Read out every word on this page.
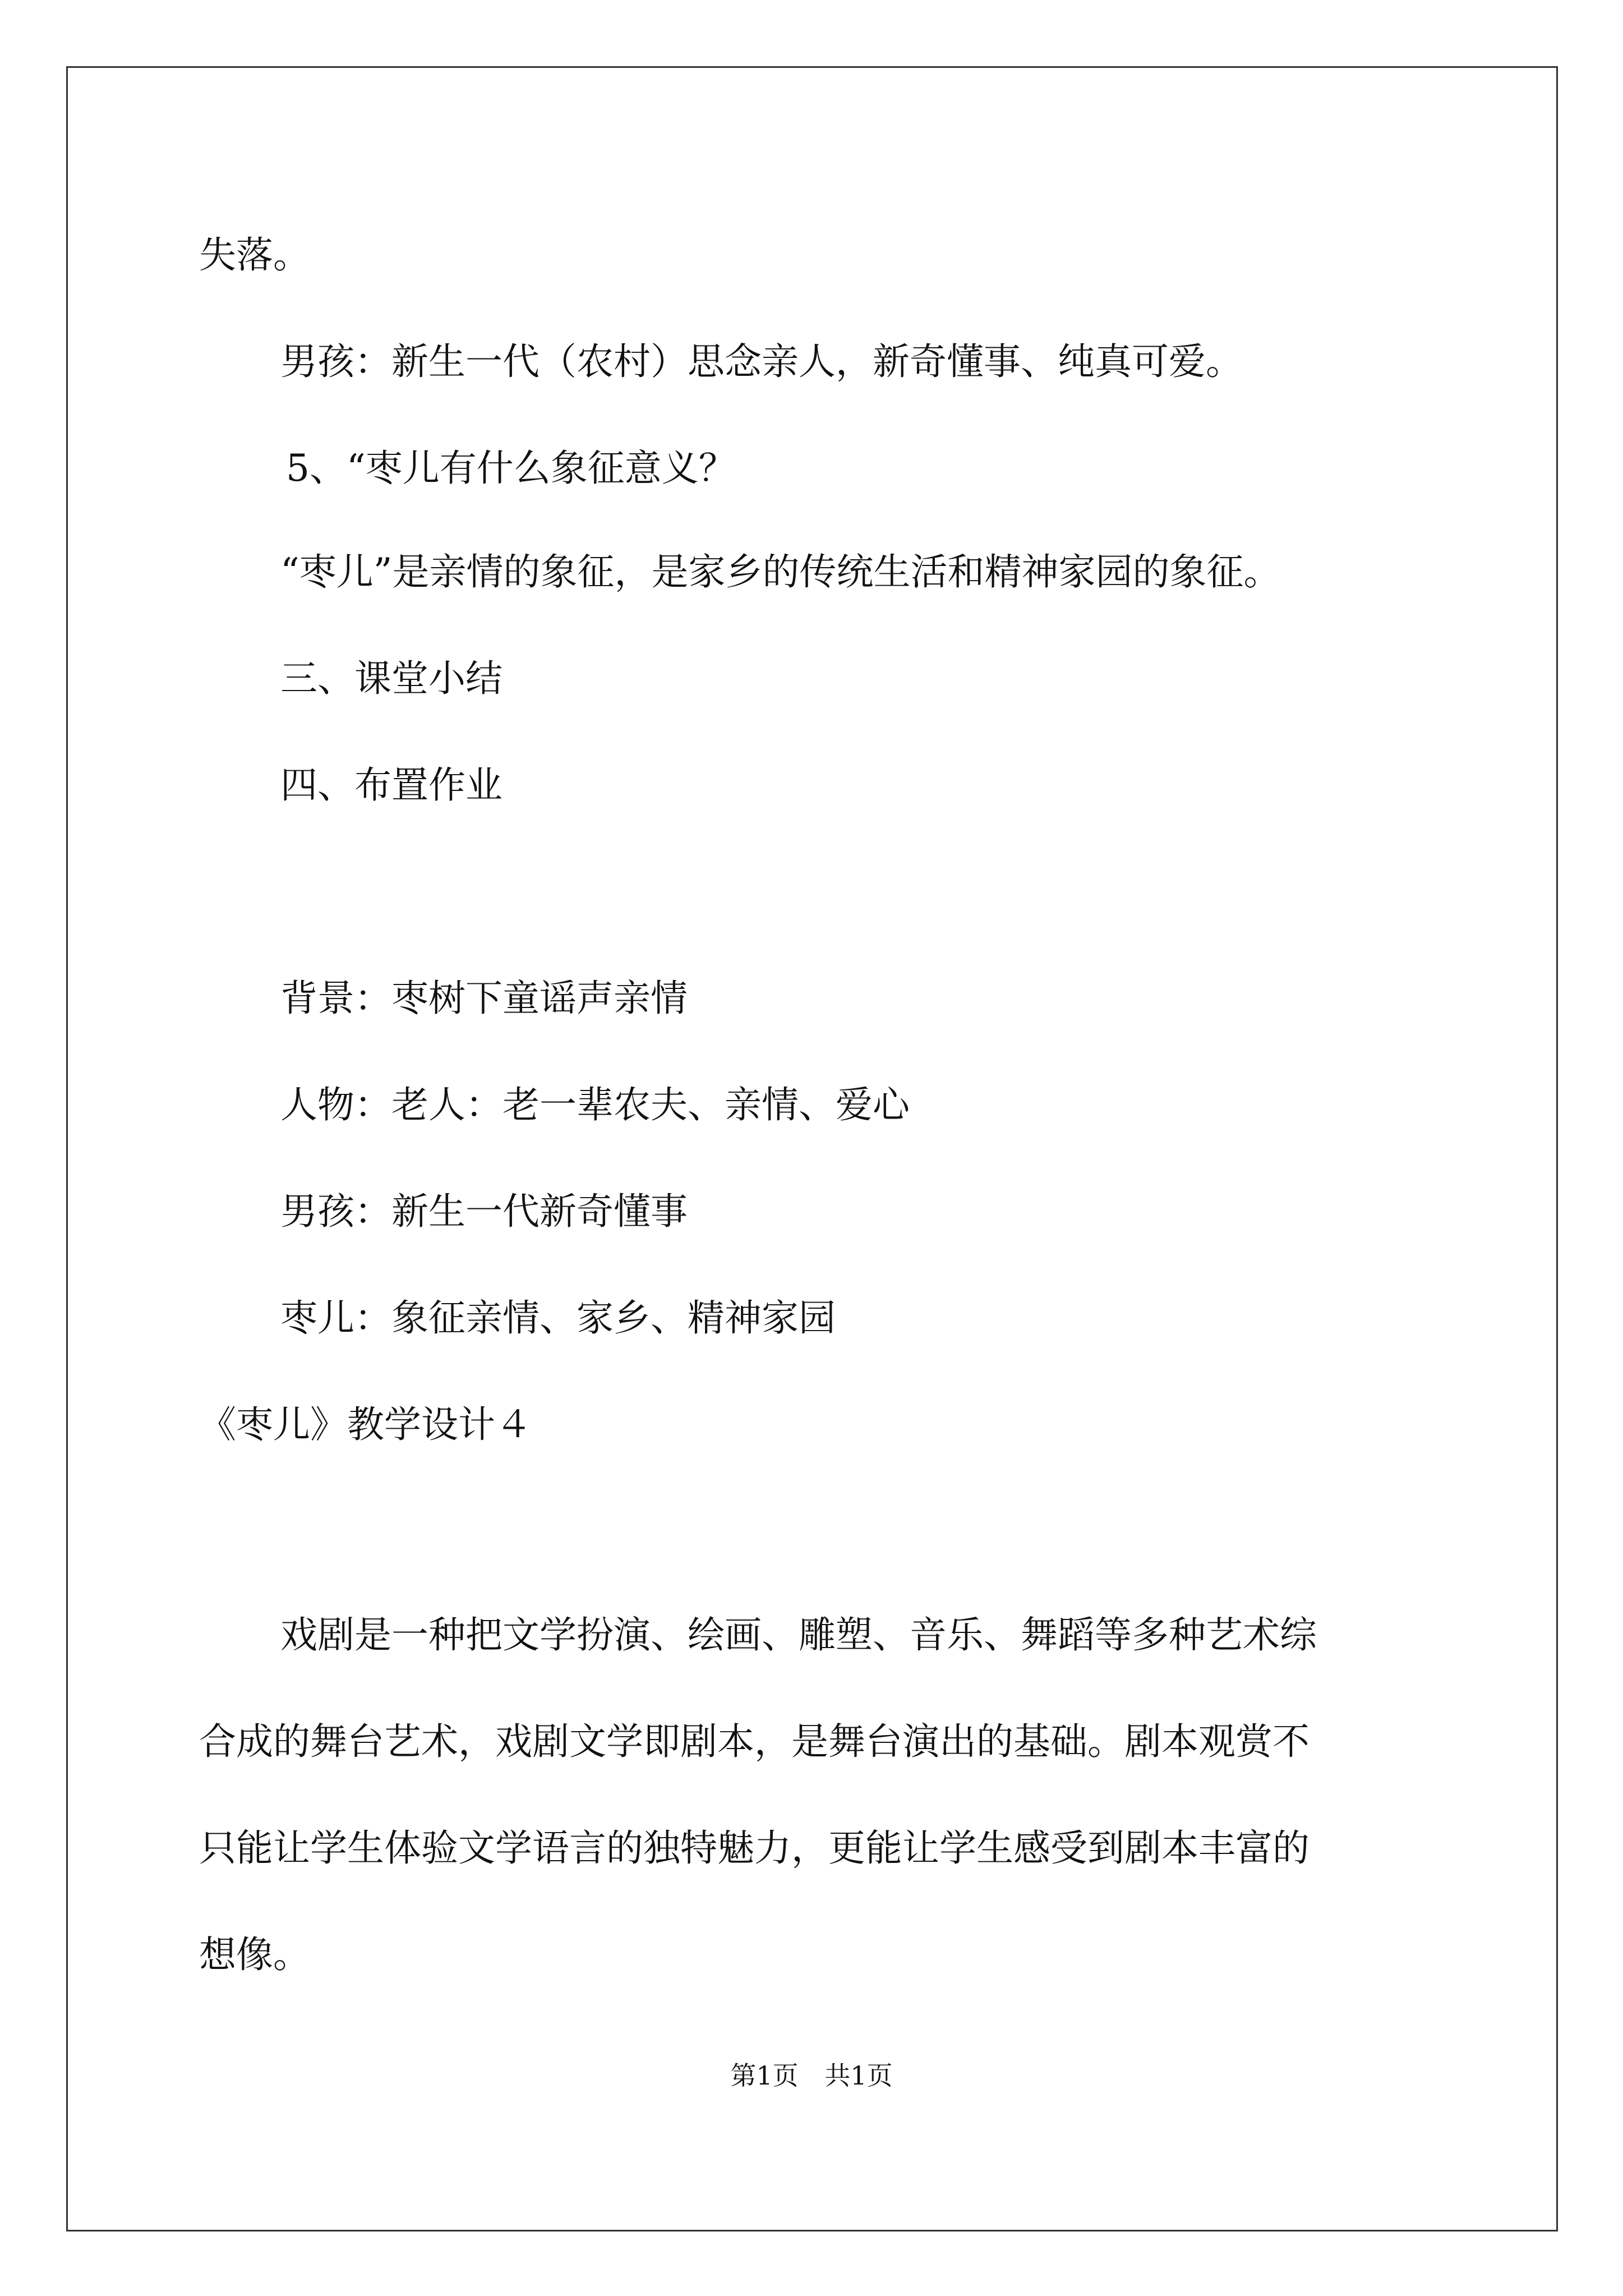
失落。

男孩：新生一代（农村）思念亲人，新奇懂事、纯真可爱。

5、“枣儿有什么象征意义？

“枣儿”是亲情的象征，是家乡的传统生活和精神家园的象征。

三、课堂小结

四、布置作业

背景：枣树下童谣声亲情

人物：老人：老一辈农夫、亲情、爱心

男孩：新生一代新奇懂事

枣儿：象征亲情、家乡、精神家园

《枣儿》教学设计４

戏剧是一种把文学扮演、绘画、雕塑、音乐、舞蹈等多种艺术综

合成的舞台艺术，戏剧文学即剧本，是舞台演出的基础。剧本观赏不

只能让学生体验文学语言的独特魅力，更能让学生感受到剧本丰富的

想像。

第1页 共1页
